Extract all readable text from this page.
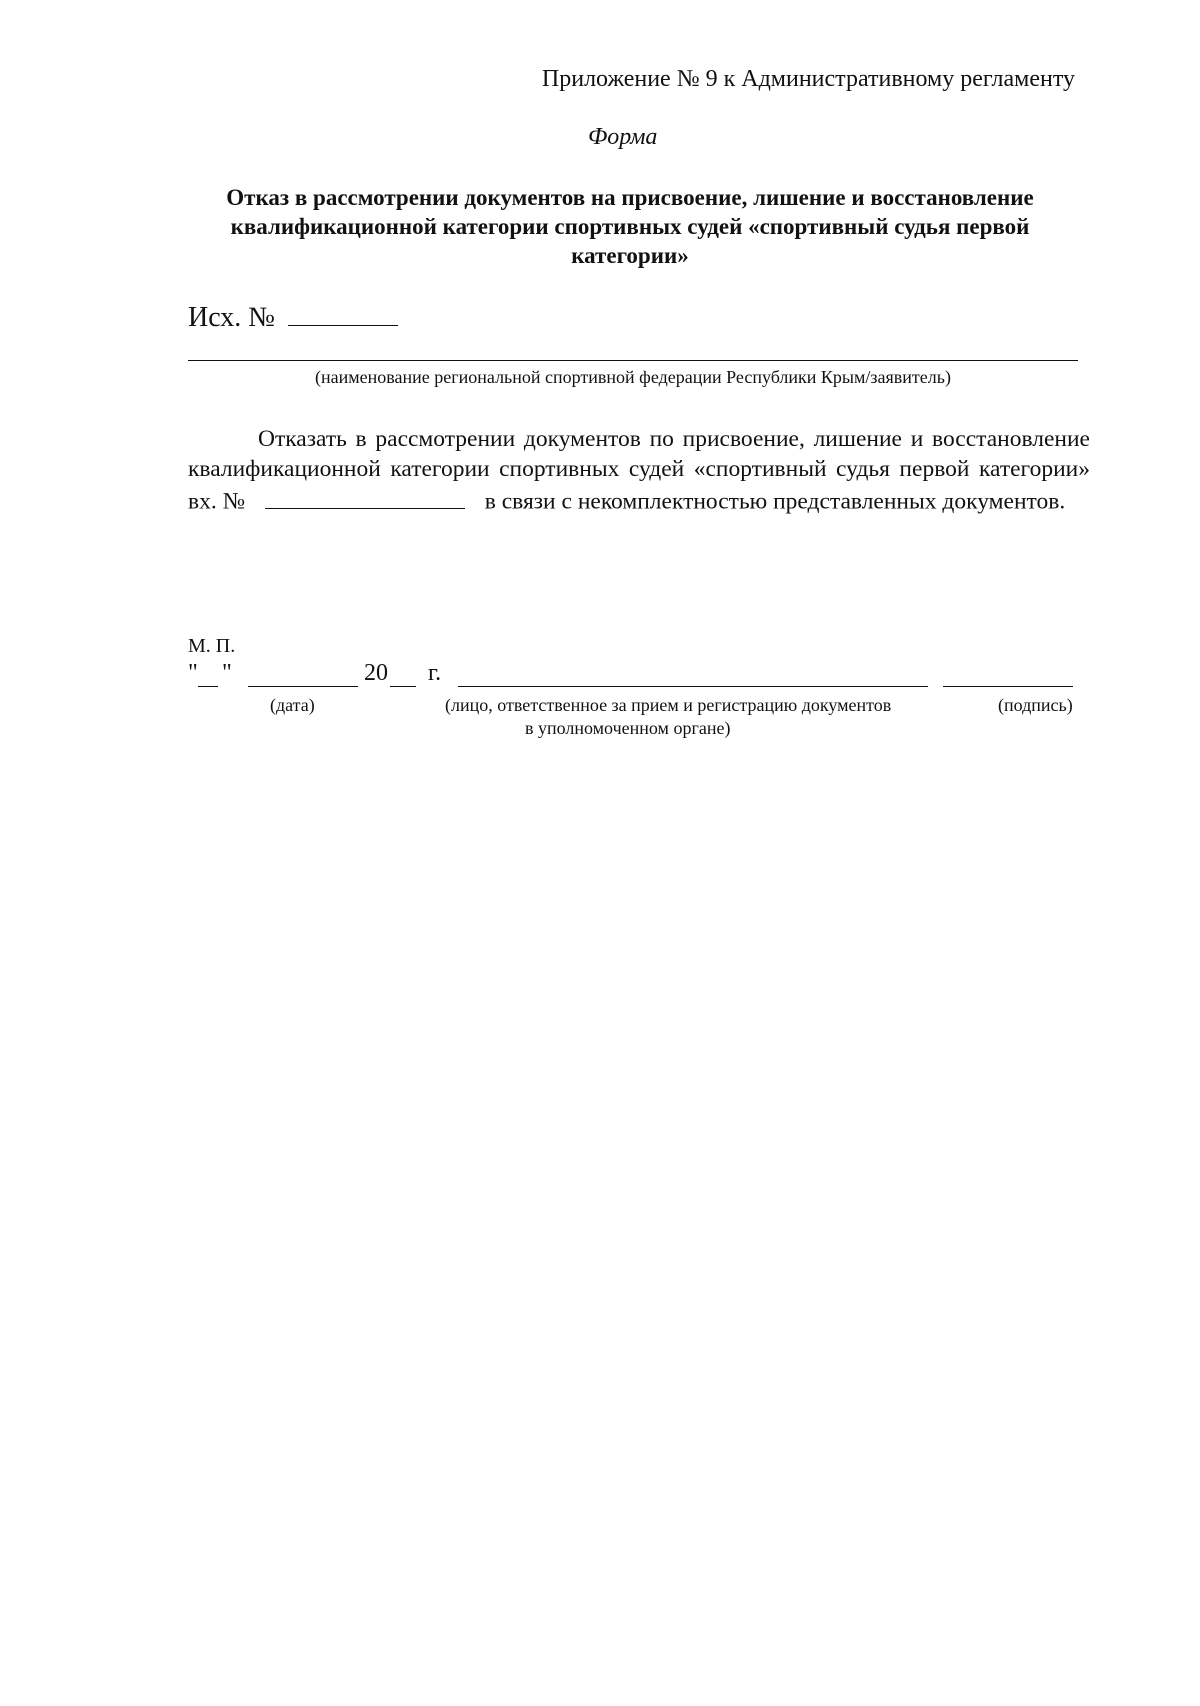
Приложение № 9 к Административному регламенту
Форма
Отказ в рассмотрении документов на присвоение, лишение и восстановление
квалификационной категории спортивных судей «спортивный судья первой
категории»
Исх. №
(наименование региональной спортивной федерации Республики Крым/заявитель)
Отказать в рассмотрении документов по присвоение, лишение и восстановление квалификационной категории спортивных судей «спортивный судья первой категории» вх. №	в связи с некомплектностью представленных документов.
М. П.
" "	20 г.
(дата)	(лицо, ответственное за прием и регистрацию документов
в уполномоченном органе)
(подпись)
